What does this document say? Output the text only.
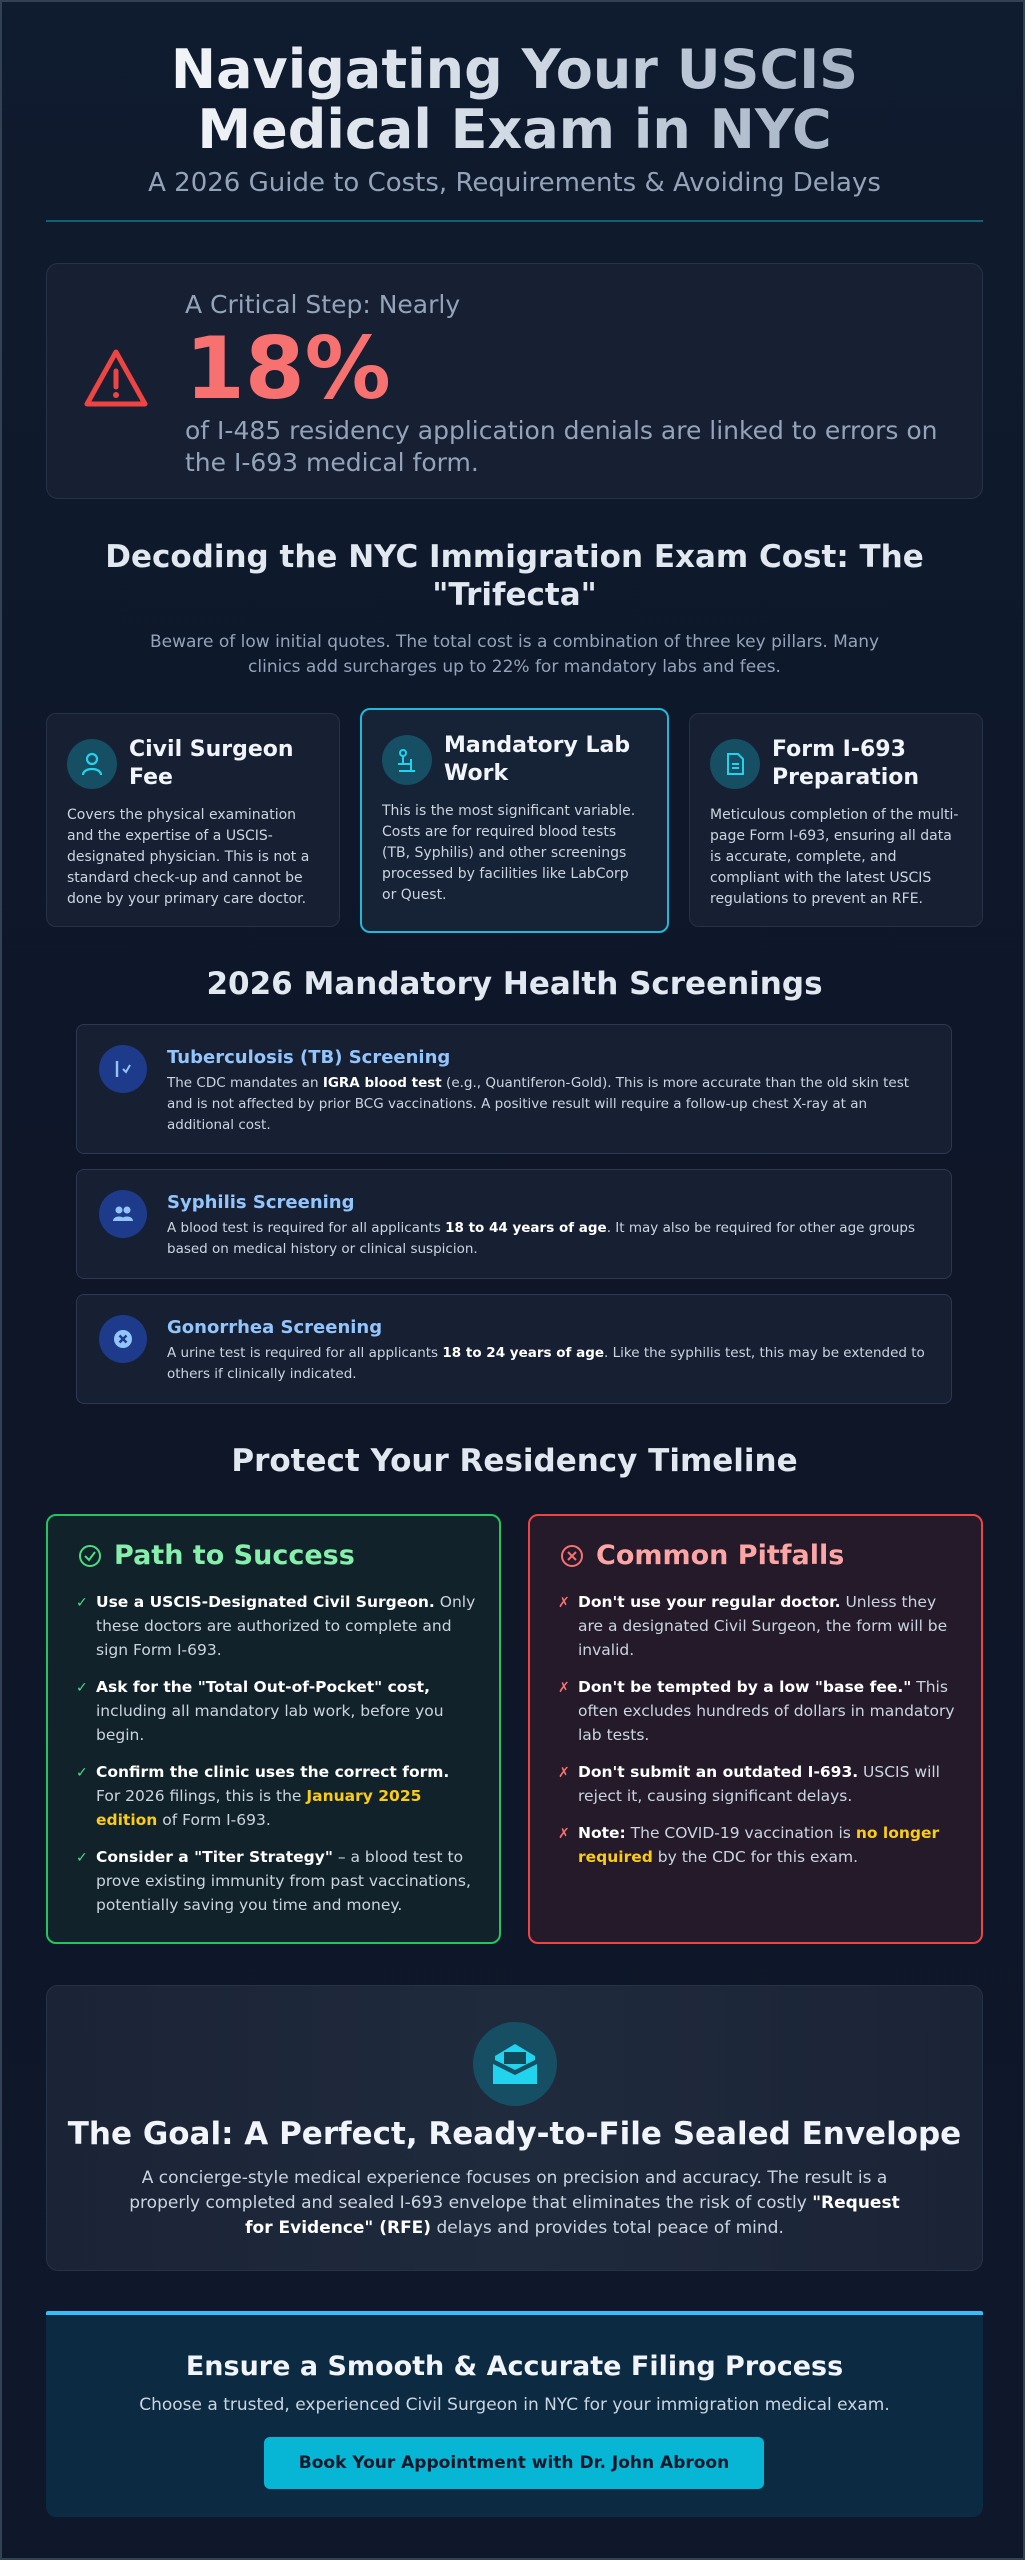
Navigating Your USCIS Medical Exam in NYC
A 2026 Guide to Costs, Requirements & Avoiding Delays
A Critical Step: Nearly
18%
of I-485 residency application denials are linked to errors on the I-693 medical form.
Decoding the NYC Immigration Exam Cost: The "Trifecta"

Beware of low initial quotes. The total cost is a combination of three key pillars. Many clinics add surcharges up to 22% for mandatory labs and fees.

Civil Surgeon Fee
Covers the physical examination and the expertise of a USCIS-designated physician. This is not a standard check-up and cannot be done by your primary care doctor.
Mandatory Lab Work
This is the most significant variable. Costs are for required blood tests (TB, Syphilis) and other screenings processed by facilities like LabCorp or Quest.
Form I-693 Preparation
Meticulous completion of the multi-page Form I-693, ensuring all data is accurate, complete, and compliant with the latest USCIS regulations to prevent an RFE.
2026 Mandatory Health Screenings
Tuberculosis (TB) Screening
The CDC mandates an IGRA blood test (e.g., Quantiferon-Gold). This is more accurate than the old skin test and is not affected by prior BCG vaccinations. A positive result will require a follow-up chest X-ray at an additional cost.
Syphilis Screening
A blood test is required for all applicants 18 to 44 years of age. It may also be required for other age groups based on medical history or clinical suspicion.
Gonorrhea Screening
A urine test is required for all applicants 18 to 24 years of age. Like the syphilis test, this may be extended to others if clinically indicated.
Protect Your Residency Timeline
Path to Success
✓ Use a USCIS-Designated Civil Surgeon. Only these doctors are authorized to complete and sign Form I-693.
✓ Ask for the "Total Out-of-Pocket" cost, including all mandatory lab work, before you begin.
✓ Confirm the clinic uses the correct form. For 2026 filings, this is the January 2025 edition of Form I-693.
✓ Consider a "Titer Strategy" – a blood test to prove existing immunity from past vaccinations, potentially saving you time and money.
Common Pitfalls
✗ Don't use your regular doctor. Unless they are a designated Civil Surgeon, the form will be invalid.
✗ Don't be tempted by a low "base fee." This often excludes hundreds of dollars in mandatory lab tests.
✗ Don't submit an outdated I-693. USCIS will reject it, causing significant delays.
✗ Note: The COVID-19 vaccination is no longer required by the CDC for this exam.
The Goal: A Perfect, Ready-to-File Sealed Envelope
A concierge-style medical experience focuses on precision and accuracy. The result is a properly completed and sealed I-693 envelope that eliminates the risk of costly "Request for Evidence" (RFE) delays and provides total peace of mind.
Ensure a Smooth & Accurate Filing Process
Choose a trusted, experienced Civil Surgeon in NYC for your immigration medical exam.
Book Your Appointment with Dr. John Abroon
